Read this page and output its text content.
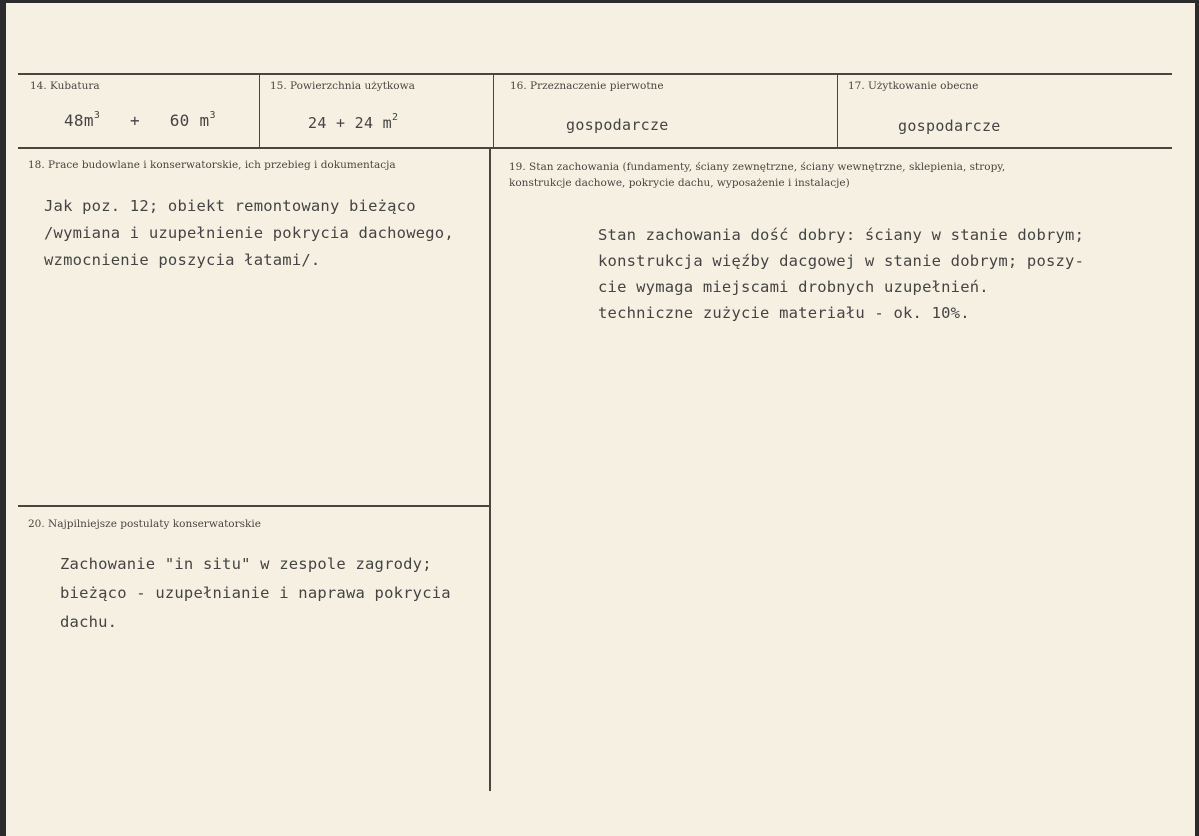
14. Kubatura
$48m^3 + 60$ $m^3$
15. Powierzchnia użytkowa
24 + 24 $m^2$
16. Przeznaczenie pierwotne
gospodarcze
17. Użytkowanie obecne
gospodarcze
18. Prace budowlane i konserwatorskie, ich przebieg i dokumentacja
Jak poz. 12; obiekt remontowany bieżąco
/wymiana i uzupełnienie pokrycia dachowego,
wzmocnienie poszycia łatami/.
19. Stan zachowania (fundamenty, ściany zewnętrzne, ściany wewnętrzne, sklepienia, stropy,
konstrukcje dachowe, pokrycie dachu, wyposażenie i instalacje)
Stan zachowania dość dobry: ściany w stanie dobrym;
konstrukcja więźby dacgowej w stanie dobrym; poszy-
cie wymaga miejscami drobnych uzupełnień.
techniczne zużycie materiału - ok. 10%.
20. Najpilniejsze postulaty konserwatorskie
Zachowanie "in situ" w zespole zagrody;
bieżąco - uzupełnianie i naprawa pokrycia
dachu.
